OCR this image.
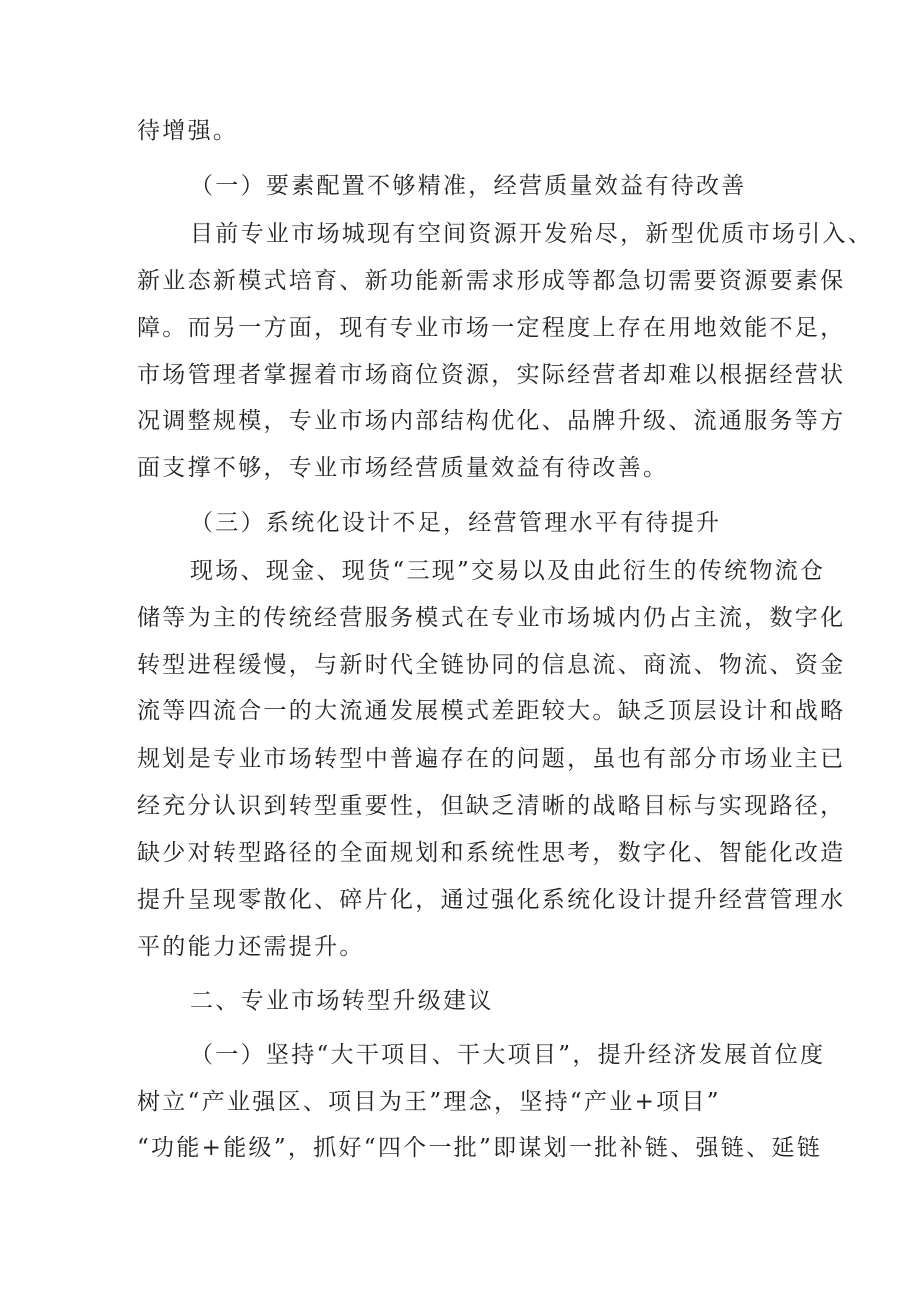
待增强。
（一）要素配置不够精准，经营质量效益有待改善
目前专业市场城现有空间资源开发殆尽，新型优质市场引入、
新业态新模式培育、新功能新需求形成等都急切需要资源要素保
障。而另一方面，现有专业市场一定程度上存在用地效能不足，
市场管理者掌握着市场商位资源，实际经营者却难以根据经营状
况调整规模，专业市场内部结构优化、品牌升级、流通服务等方
面支撑不够，专业市场经营质量效益有待改善。
（三）系统化设计不足，经营管理水平有待提升
现场、现金、现货“三现”交易以及由此衍生的传统物流仓
储等为主的传统经营服务模式在专业市场城内仍占主流，数字化
转型进程缓慢，与新时代全链协同的信息流、商流、物流、资金
流等四流合一的大流通发展模式差距较大。缺乏顶层设计和战略
规划是专业市场转型中普遍存在的问题，虽也有部分市场业主已
经充分认识到转型重要性，但缺乏清晰的战略目标与实现路径，
缺少对转型路径的全面规划和系统性思考，数字化、智能化改造
提升呈现零散化、碎片化，通过强化系统化设计提升经营管理水
平的能力还需提升。
二、专业市场转型升级建议
（一）坚持“大干项目、干大项目”，提升经济发展首位度
树立“产业强区、项目为王”理念，坚持“产业+项目”
“功能+能级”，抓好“四个一批”即谋划一批补链、强链、延链
